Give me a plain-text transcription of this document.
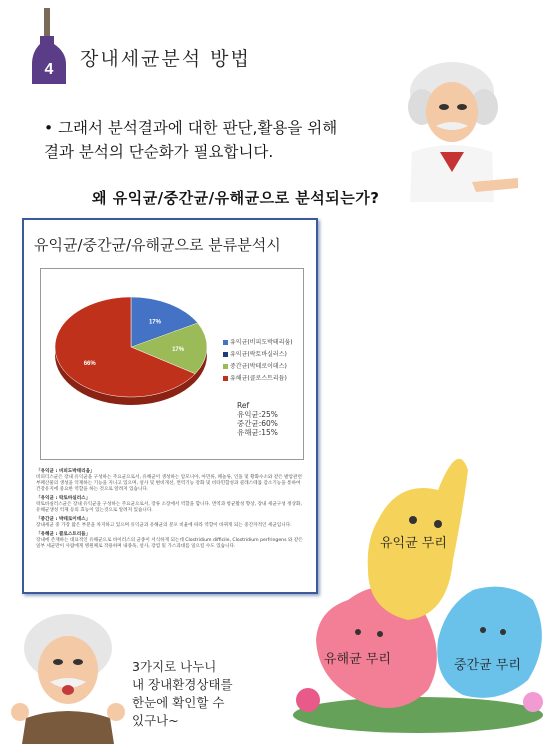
4 장내세균분석 방법
• 그래서 분석결과에 대한 판단,활용을 위해
결과 분석의 단순화가 필요합니다.
왜 유익균/중간균/유해균으로 분석되는가?
유익균/중간균/유해균으로 분류분석시
17%
17%
66%
유익균(비피도박테리움)
유익균(락토바실러스)
중간균(박테로이데스)
유해균(클로스트리듐)
Ref
유익균:25%
중간균:60%
유해균:15%
「유익균 : 비피도박테리움」
비피더스균은 장내 유익균을 구성하는 주요균으로서, 유해균이 생성하는 암모니아, 아민류, 페놀류, 인돌 및 황화수소와 같은 발암관련 부패산물의 생성을 억제하는 기능을 지니고 있으며, 설사 및 변비개선, 면역기능 강화 및 비타민합성과 콜레스테롤 감소기능을 통하여 건강유지에 중요한 역할을 하는 것으로 알려져 있습니다.
「유익균 : 락토바실러스」
락토바실러스균은 장내 유익균을 구성하는 주요균으로서, 장류 소장에서 역할을 합니다. 면역과 항균활성 향상, 장내 세균구성 정상화, 유해균생성 억제 등의 효능이 있는것으로 알려져 있습니다.
「중간균 : 박테로이데스」
장내세균 중 가장 많은 부분을 차지하고 있으며 유익균과 유해균의 분포 비율에 따라 역할이 바뀌게 되는 중간자적인 세균입니다.
「유해균 : 클로스트리듐」
장내에 존재하는 대표적인 유해균으로 바이러스의 균종이 서식하게 되는데 Clostridium difficile, Clostridium perfringens 와 같은 일부 세균만이 사람에게 병원체로 작용하며 내종독, 설사, 장염 및 가스과대를 일으킬 수도 있습니다.	유익균 무리
유해균 무리	중간균 무리
3가지로 나누니
내 장내환경상태를
한눈에 확인할 수
있구나~
